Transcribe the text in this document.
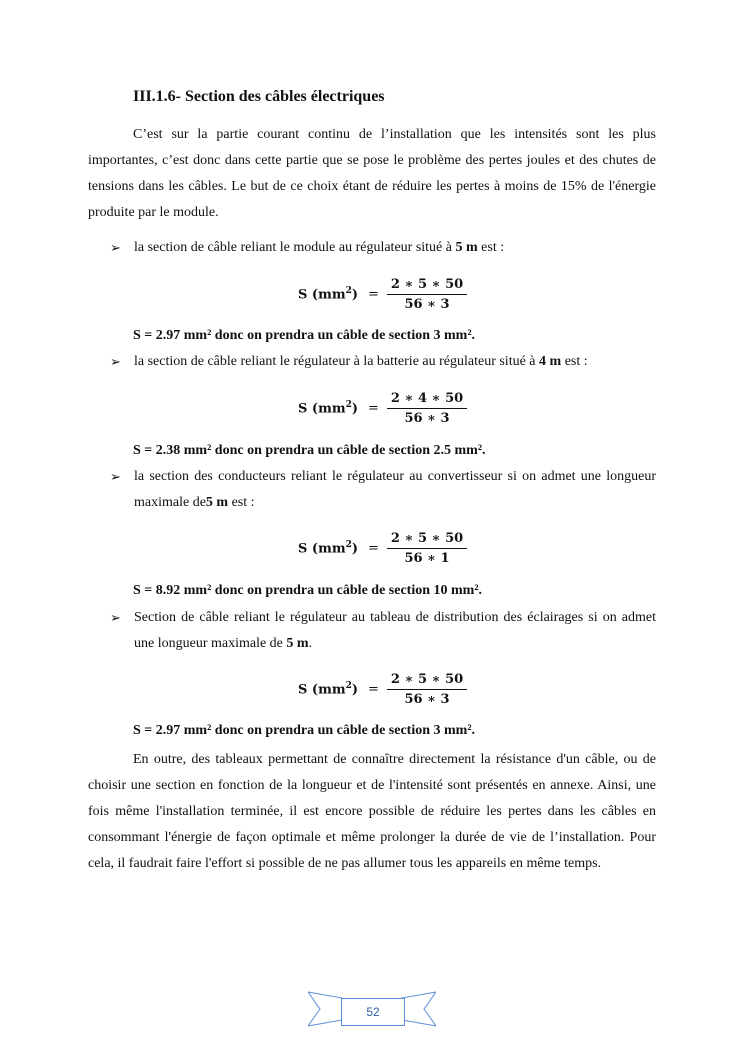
III.1.6- Section des câbles électriques

C’est sur la partie courant continu de l’installation que les intensités sont les plus importantes, c’est donc dans cette partie que se pose le problème des pertes joules et des chutes de tensions dans les câbles. Le but de ce choix étant de réduire les pertes à moins de 15% de l'énergie produite par le module.

➢ la section de câble reliant le module au régulateur situé à 5 m est :
S $(mm^2) = \frac{2 ∗ 5 ∗ 50}{56 ∗ 3}$

S = 2.97 mm² donc on prendra un câble de section 3 mm².

➢ la section de câble reliant le régulateur à la batterie au régulateur situé à 4 m est :
S $(mm^2) = \frac{2 ∗ 4 ∗ 50}{56 ∗ 3}$

S = 2.38 mm² donc on prendra un câble de section 2.5 mm².

➢ la section des conducteurs reliant le régulateur au convertisseur si on admet une longueur maximale de5 m est :
S $(mm^2) = \frac{2 ∗ 5 ∗ 50}{56 ∗ 1}$

S = 8.92 mm² donc on prendra un câble de section 10 mm².

➢ Section de câble reliant le régulateur au tableau de distribution des éclairages si on admet une longueur maximale de 5 m.
S $(mm^2) = \frac{2 ∗ 5 ∗ 50}{56 ∗ 3}$

S = 2.97 mm² donc on prendra un câble de section 3 mm².

En outre, des tableaux permettant de connaître directement la résistance d'un câble, ou de choisir une section en fonction de la longueur et de l'intensité sont présentés en annexe. Ainsi, une fois même l'installation terminée, il est encore possible de réduire les pertes dans les câbles en consommant l'énergie de façon optimale et même prolonger la durée de vie de l’installation. Pour cela, il faudrait faire l'effort si possible de ne pas allumer tous les appareils en même temps.

52
